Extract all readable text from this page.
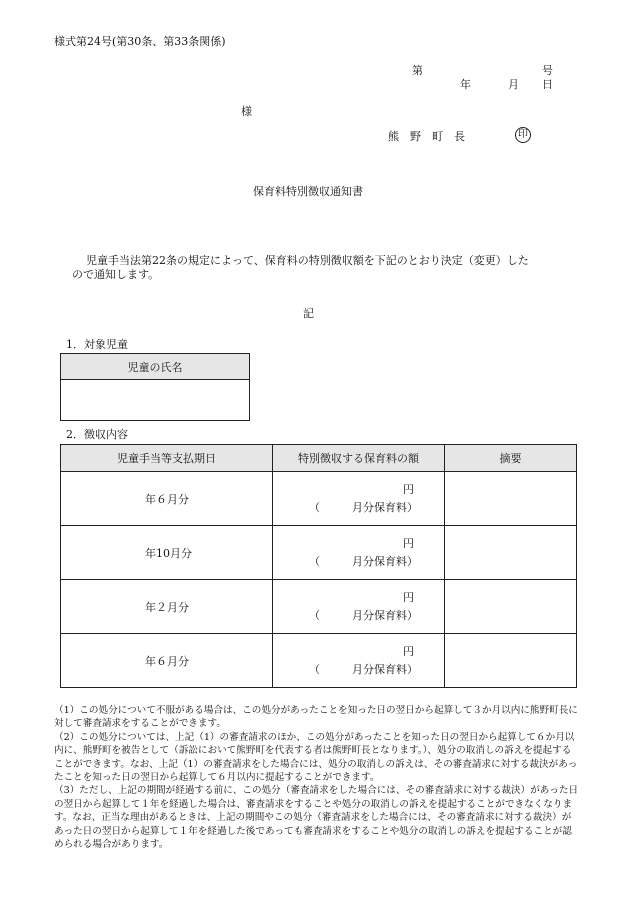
様式第24号(第30条、第33条関係)
第	号
年	月 日
様
熊　野　町　長	印
保育料特別徴収通知書
児童手当法第22条の規定によって、保育料の特別徴収額を下記のとおり決定（変更）した
ので通知します。
記
1．対象児童
児童の氏名

2．徴収内容
児童手当等支払期日	特別徴収する保育料の額	摘要

年６月分	円
（ 月分保育料）	

年10月分	円
（ 月分保育料）	

年２月分	円
（ 月分保育料）	

年６月分	円
（ 月分保育料）	

（1）この処分について不服がある場合は、この処分があったことを知った日の翌日から起算して３か月以内に熊野町長に対して審査請求をすることができます。

（2）この処分については、上記（1）の審査請求のほか、この処分があったことを知った日の翌日から起算して６か月以内に、熊野町を被告として（訴訟において熊野町を代表する者は熊野町長となります。）、処分の取消しの訴えを提起することができます。なお、上記（1）の審査請求をした場合には、処分の取消しの訴えは、その審査請求に対する裁決があったことを知った日の翌日から起算して６月以内に提起することができます。

（3）ただし、上記の期間が経過する前に、この処分（審査請求をした場合には、その審査請求に対する裁決）があった日の翌日から起算して１年を経過した場合は、審査請求をすることや処分の取消しの訴えを提起することができなくなります。なお、正当な理由があるときは、上記の期間やこの処分（審査請求をした場合には、その審査請求に対する裁決）があった日の翌日から起算して１年を経過した後であっても審査請求をすることや処分の取消しの訴えを提起することが認められる場合があります。
